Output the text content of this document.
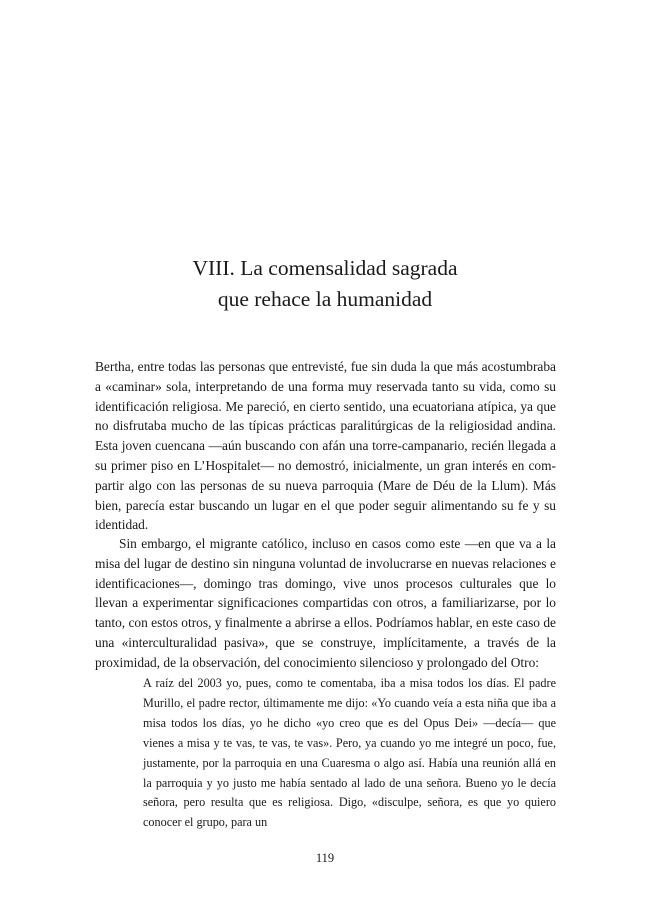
VIII. La comensalidad sagrada
que rehace la humanidad

Bertha, entre todas las personas que entrevisté, fue sin duda la que más acostumbraba a «caminar» sola, interpretando de una forma muy reservada tanto su vida, como su identificación religiosa. Me pareció, en cierto sentido, una ecuatoriana atípica, ya que no disfrutaba mucho de las típicas prácticas paralitúrgicas de la religiosidad andina. Esta joven cuencana —aún buscando con afán una torre-campanario, recién llegada a su primer piso en L’Hospitalet— no demostró, inicialmente, un gran interés en compartir algo con las personas de su nueva parroquia (Mare de Déu de la Llum). Más bien, parecía estar buscando un lugar en el que poder seguir alimentando su fe y su identidad.

Sin embargo, el migrante católico, incluso en casos como este —en que va a la misa del lugar de destino sin ninguna voluntad de involucrarse en nuevas relaciones e identificaciones—, domingo tras domingo, vive unos procesos culturales que lo llevan a experimentar significaciones compartidas con otros, a familiarizarse, por lo tanto, con estos otros, y finalmente a abrirse a ellos. Podríamos hablar, en este caso de una «interculturalidad pasiva», que se construye, implícitamente, a través de la proximidad, de la observación, del conocimiento silencioso y prolongado del Otro:

A raíz del 2003 yo, pues, como te comentaba, iba a misa todos los días. El padre Murillo, el padre rector, últimamente me dijo: «Yo cuando veía a esta niña que iba a misa todos los días, yo he dicho «yo creo que es del Opus Dei» —decía— que vienes a misa y te vas, te vas, te vas». Pero, ya cuando yo me integré un poco, fue, justamente, por la parroquia en una Cuaresma o algo así. Había una reunión allá en la parroquia y yo justo me había sentado al lado de una señora. Bueno yo le decía señora, pero resulta que es religiosa. Digo, «disculpe, señora, es que yo quiero conocer el grupo, para un

119
